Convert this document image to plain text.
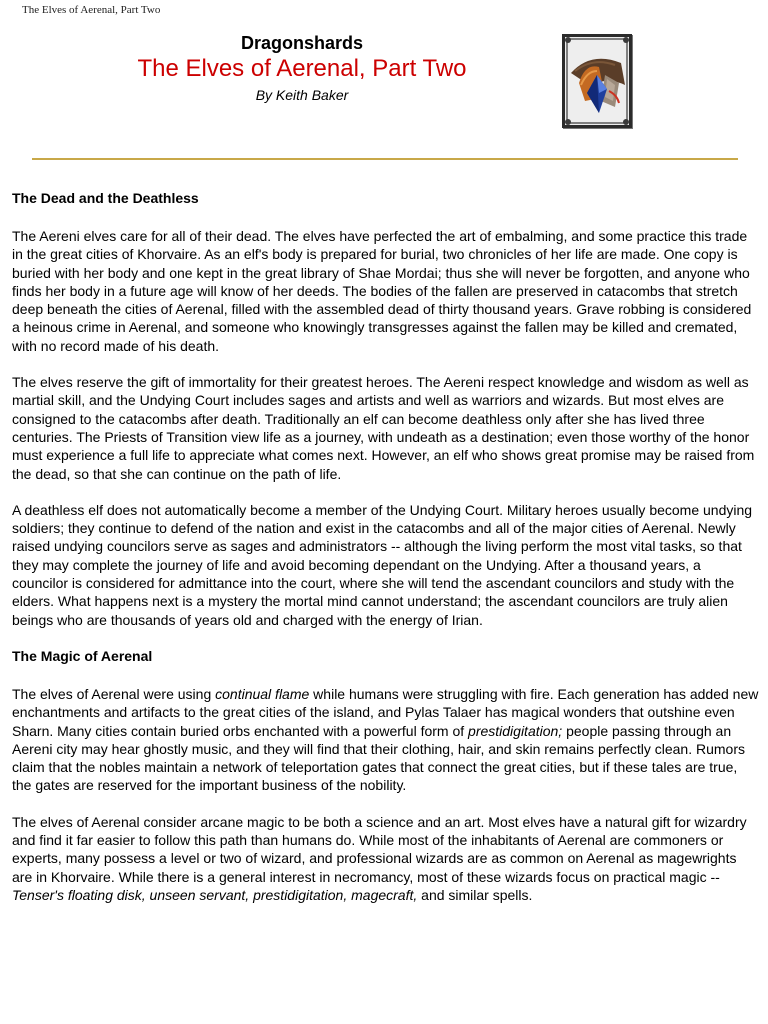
The Elves of Aerenal, Part Two
Dragonshards
The Elves of Aerenal, Part Two
By Keith Baker
The Dead and the Deathless

The Aereni elves care for all of their dead. The elves have perfected the art of embalming, and some practice this trade in the great cities of Khorvaire. As an elf's body is prepared for burial, two chronicles of her life are made. One copy is buried with her body and one kept in the great library of Shae Mordai; thus she will never be forgotten, and anyone who finds her body in a future age will know of her deeds. The bodies of the fallen are preserved in catacombs that stretch deep beneath the cities of Aerenal, filled with the assembled dead of thirty thousand years. Grave robbing is considered a heinous crime in Aerenal, and someone who knowingly transgresses against the fallen may be killed and cremated, with no record made of his death.

The elves reserve the gift of immortality for their greatest heroes. The Aereni respect knowledge and wisdom as well as martial skill, and the Undying Court includes sages and artists and well as warriors and wizards. But most elves are consigned to the catacombs after death. Traditionally an elf can become deathless only after she has lived three centuries. The Priests of Transition view life as a journey, with undeath as a destination; even those worthy of the honor must experience a full life to appreciate what comes next. However, an elf who shows great promise may be raised from the dead, so that she can continue on the path of life.

A deathless elf does not automatically become a member of the Undying Court. Military heroes usually become undying soldiers; they continue to defend of the nation and exist in the catacombs and all of the major cities of Aerenal. Newly raised undying councilors serve as sages and administrators -- although the living perform the most vital tasks, so that they may complete the journey of life and avoid becoming dependant on the Undying. After a thousand years, a councilor is considered for admittance into the court, where she will tend the ascendant councilors and study with the elders. What happens next is a mystery the mortal mind cannot understand; the ascendant councilors are truly alien beings who are thousands of years old and charged with the energy of Irian.

The Magic of Aerenal

The elves of Aerenal were using continual flame while humans were struggling with fire. Each generation has added new enchantments and artifacts to the great cities of the island, and Pylas Talaer has magical wonders that outshine even Sharn. Many cities contain buried orbs enchanted with a powerful form of prestidigitation; people passing through an Aereni city may hear ghostly music, and they will find that their clothing, hair, and skin remains perfectly clean. Rumors claim that the nobles maintain a network of teleportation gates that connect the great cities, but if these tales are true, the gates are reserved for the important business of the nobility.

The elves of Aerenal consider arcane magic to be both a science and an art. Most elves have a natural gift for wizardry and find it far easier to follow this path than humans do. While most of the inhabitants of Aerenal are commoners or experts, many possess a level or two of wizard, and professional wizards are as common on Aerenal as magewrights are in Khorvaire. While there is a general interest in necromancy, most of these wizards focus on practical magic -- Tenser's floating disk, unseen servant, prestidigitation, magecraft, and similar spells.
